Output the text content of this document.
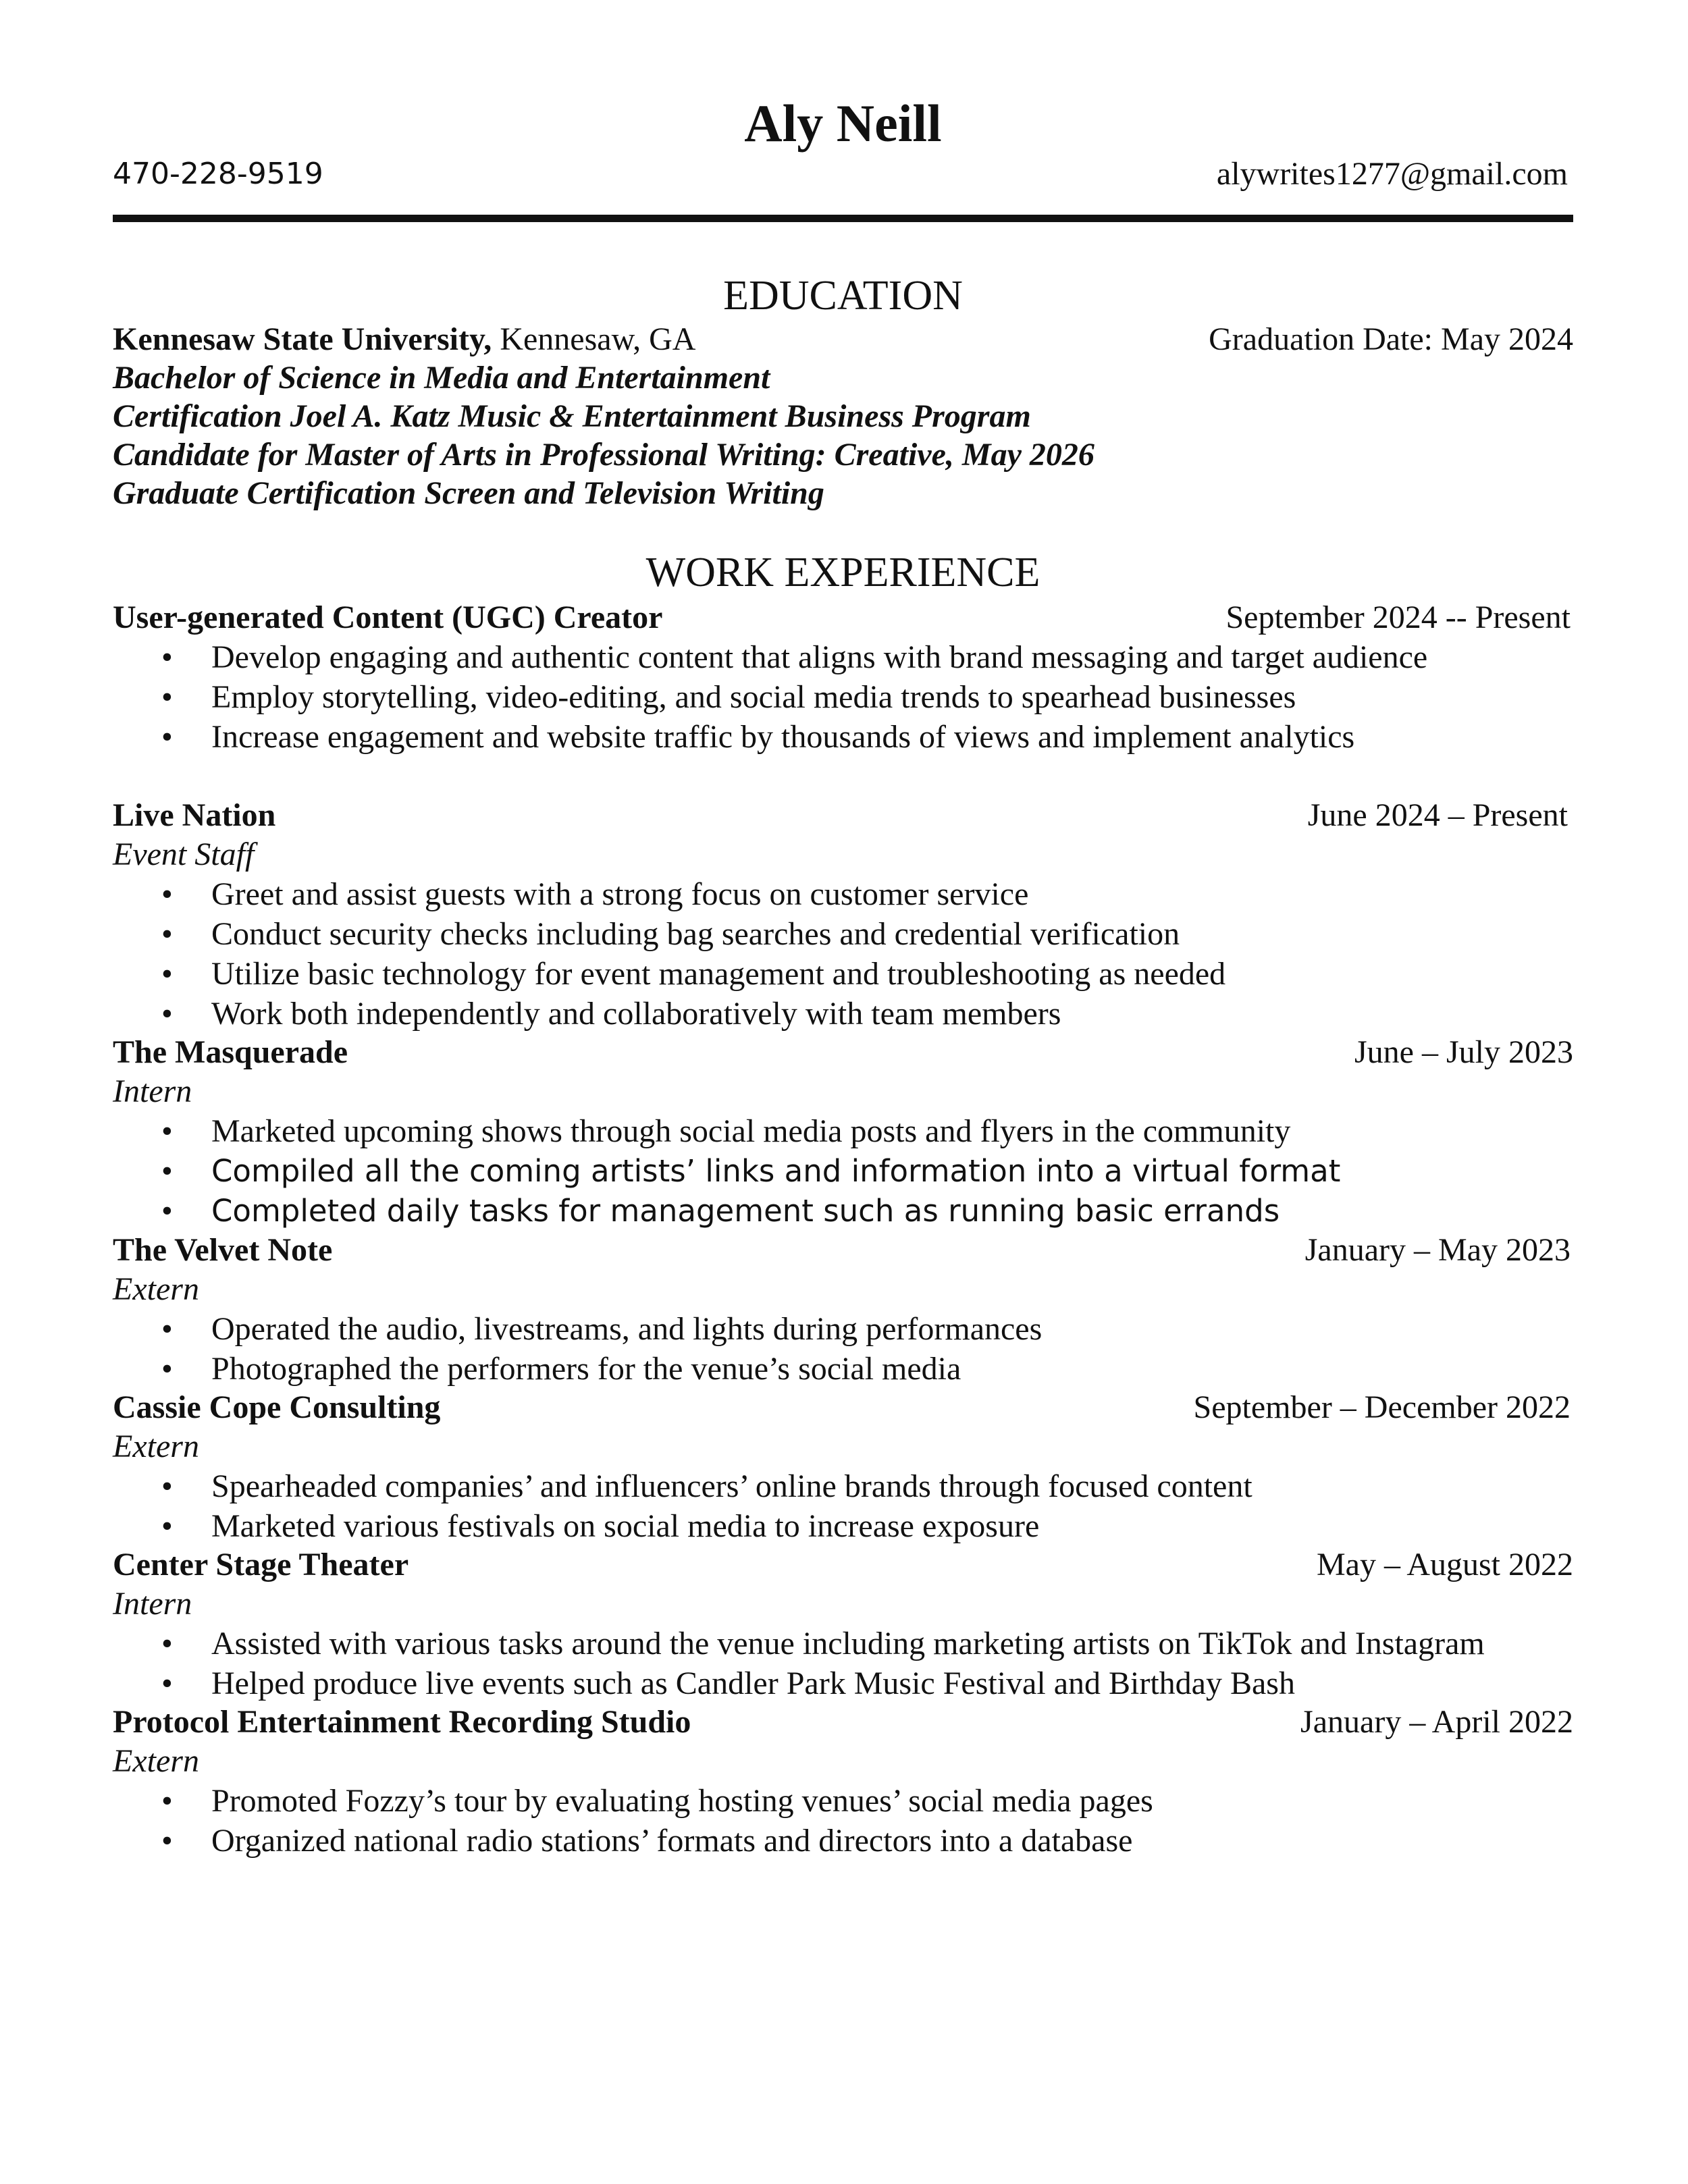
Aly Neill
470-228-9519	alywrites1277@gmail.com
EDUCATION
Kennesaw State University, Kennesaw, GA	Graduation Date: May 2024
Bachelor of Science in Media and Entertainment
Certification Joel A. Katz Music & Entertainment Business Program
Candidate for Master of Arts in Professional Writing: Creative, May 2026
Graduate Certification Screen and Television Writing
WORK EXPERIENCE
User-generated Content (UGC) Creator	September 2024 -- Present
• Develop engaging and authentic content that aligns with brand messaging and target audience
• Employ storytelling, video-editing, and social media trends to spearhead businesses
• Increase engagement and website traffic by thousands of views and implement analytics
Live Nation	June 2024 – Present
Event Staff
• Greet and assist guests with a strong focus on customer service
• Conduct security checks including bag searches and credential verification
• Utilize basic technology for event management and troubleshooting as needed
• Work both independently and collaboratively with team members
The Masquerade	June – July 2023
Intern
• Marketed upcoming shows through social media posts and flyers in the community
• Compiled all the coming artists’ links and information into a virtual format
• Completed daily tasks for management such as running basic errands
The Velvet Note	January – May 2023
Extern
• Operated the audio, livestreams, and lights during performances
• Photographed the performers for the venue’s social media
Cassie Cope Consulting	September – December 2022
Extern
• Spearheaded companies’ and influencers’ online brands through focused content
• Marketed various festivals on social media to increase exposure
Center Stage Theater	May – August 2022
Intern
• Assisted with various tasks around the venue including marketing artists on TikTok and Instagram
• Helped produce live events such as Candler Park Music Festival and Birthday Bash
Protocol Entertainment Recording Studio	January – April 2022
Extern
• Promoted Fozzy’s tour by evaluating hosting venues’ social media pages
• Organized national radio stations’ formats and directors into a database
